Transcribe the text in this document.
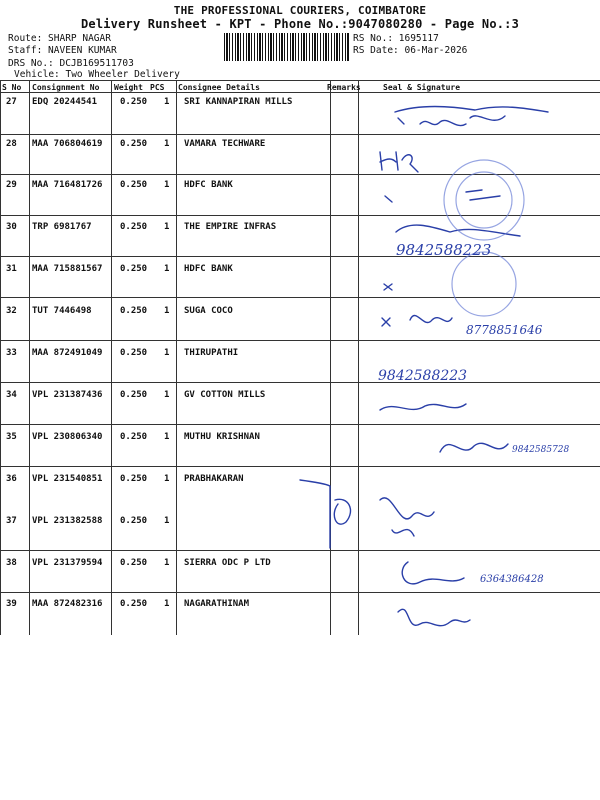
THE PROFESSIONAL COURIERS, COIMBATORE
Delivery Runsheet - KPT - Phone No.:9047080280 - Page No.:3
Route: SHARP NAGAR
Staff: NAVEEN KUMAR
DRS No.: DCJB169511703
Vehicle: Two Wheeler Delivery
RS No.: 1695117
RS Date: 06-Mar-2026
S No Consignment No Weight PCS Consignee Details	Remarks	Seal & Signature
27 EDQ 20244541	0.250 1 SRI KANNAPIRAN MILLS
28 MAA 706804619 0.250 1 VAMARA TECHWARE
29 MAA 716481726 0.250 1 HDFC BANK
30 TRP 6981767	0.250 1 THE EMPIRE INFRAS
31 MAA 715881567 0.250 1 HDFC BANK
32 TUT 7446498	0.250 1 SUGA COCO
33 MAA 872491049 0.250 1 THIRUPATHI
34 VPL 231387436 0.250 1 GV COTTON MILLS
35 VPL 230806340 0.250 1 MUTHU KRISHNAN
36 VPL 231540851 0.250 1 PRABHAKARAN
37 VPL 231382588 0.250 1
38 VPL 231379594 0.250 1 SIERRA ODC P LTD
39 MAA 872482316 0.250 1 NAGARATHINAM
9842588223
8778851646
9842588223
9842585728
6364386428
